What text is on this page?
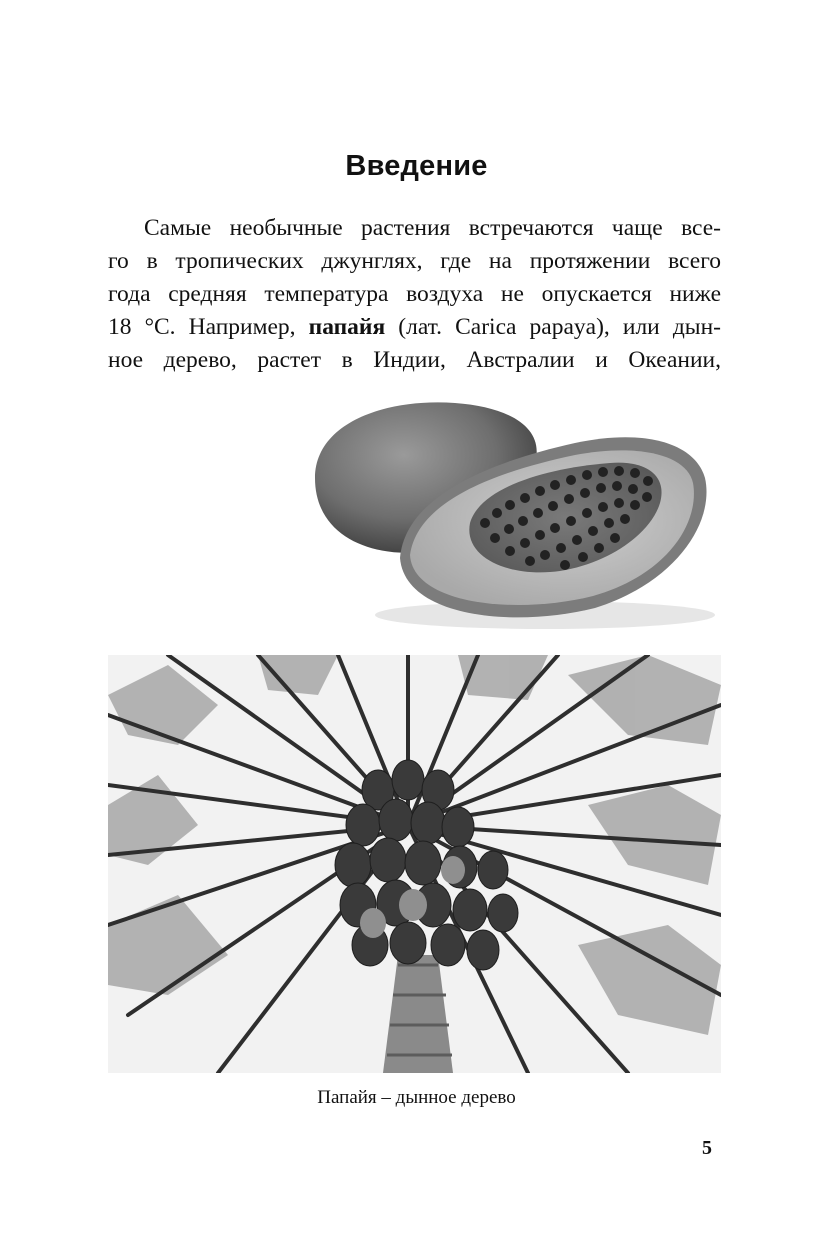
Введение
Самые необычные растения встречаются чаще все-
го в тропических джунглях, где на протяжении всего
года средняя температура воздуха не опускается ниже
18 °С. Например, папайя (лат. Carica papaya), или дын-
ное дерево, растет в Индии, Австралии и Океании,
Папайя – дынное дерево
5
